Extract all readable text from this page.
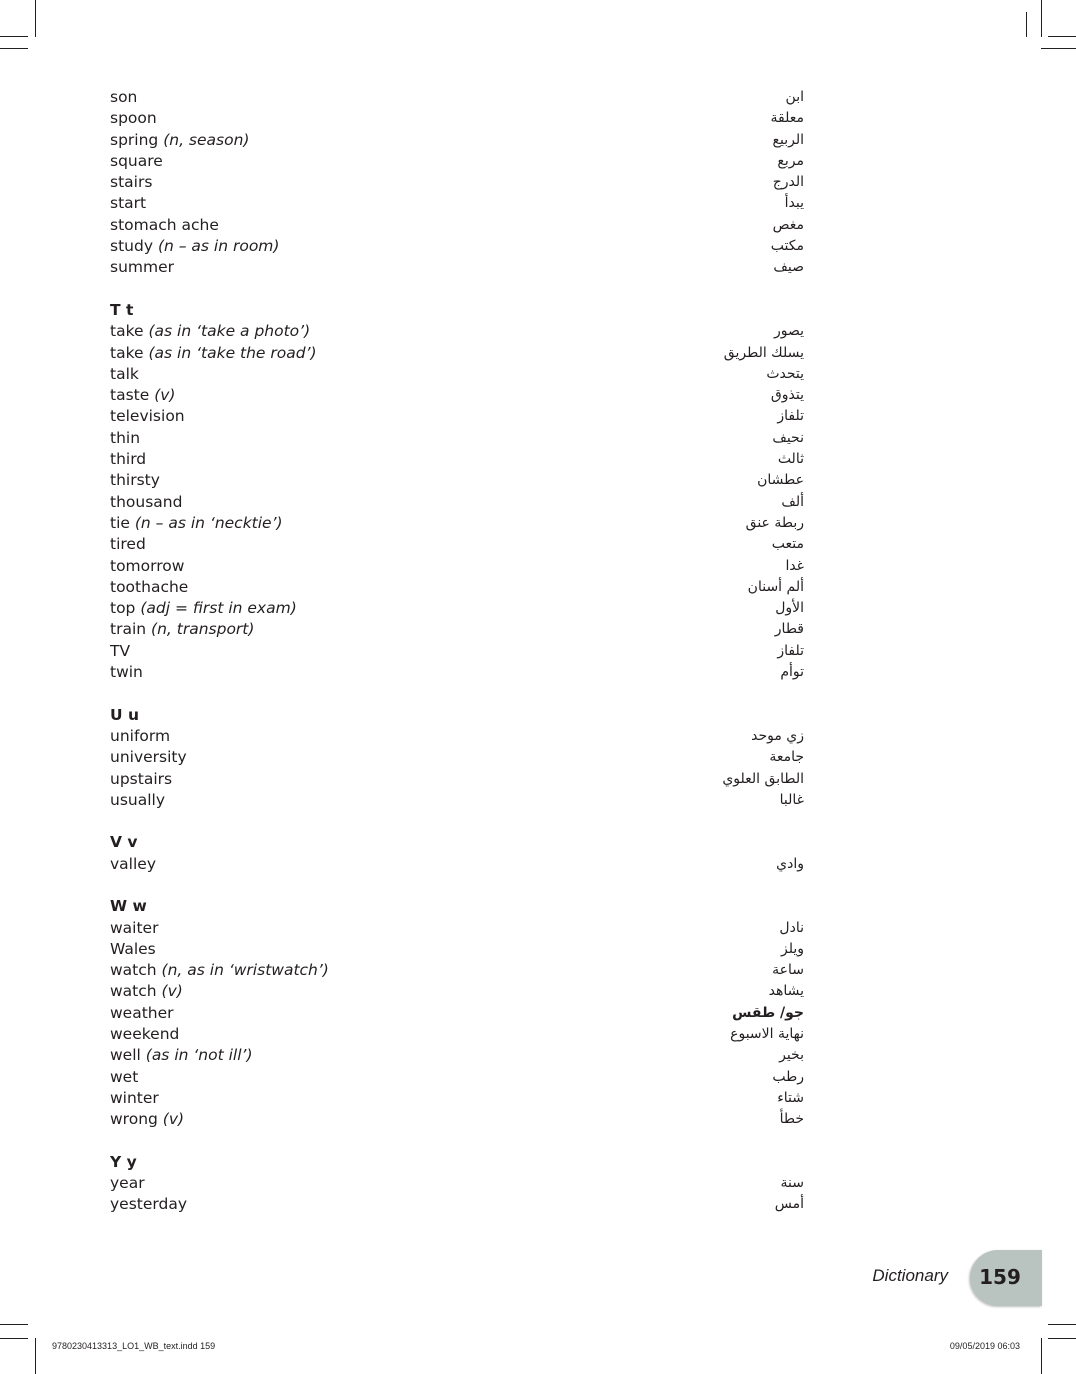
son	ابن
spoon	معلقة
spring (n, season)	الربيع
square	مربع
stairs	الدرج
start	يبدأ
stomach ache	مغص
study (n – as in room)	مكتب
summer	صيف
T t
take (as in ‘take a photo’)	يصور
take (as in ‘take the road’)	يسلك الطريق
talk	يتحدث
taste (v)	يتذوق
television	تلفاز
thin	نحيف
third	ثالث
thirsty	عطشان
thousand	ألف
tie (n – as in ‘necktie’)	ربطة عنق
tired	متعب
tomorrow	غدا
toothache	ألم أسنان
top (adj = first in exam)	الأول
train (n, transport)	قطار
TV	تلفاز
twin	توأم
U u
uniform	زي موحد
university	جامعة
upstairs	الطابق العلوي
usually	غالبا
V v
valley	وادي
W w
waiter	نادل
Wales	ويلز
watch (n, as in ‘wristwatch’)	ساعة
watch (v)	يشاهد
weather	جو/ طقس
weekend	نهاية الاسبوع
well (as in ‘not ill’)	بخير
wet	رطب
winter	شتاء
wrong (v)	خطأ
Y y
year	سنة
yesterday	أمس
Dictionary 159
9780230413313_LO1_WB_text.indd 159	09/05/2019 06:03
